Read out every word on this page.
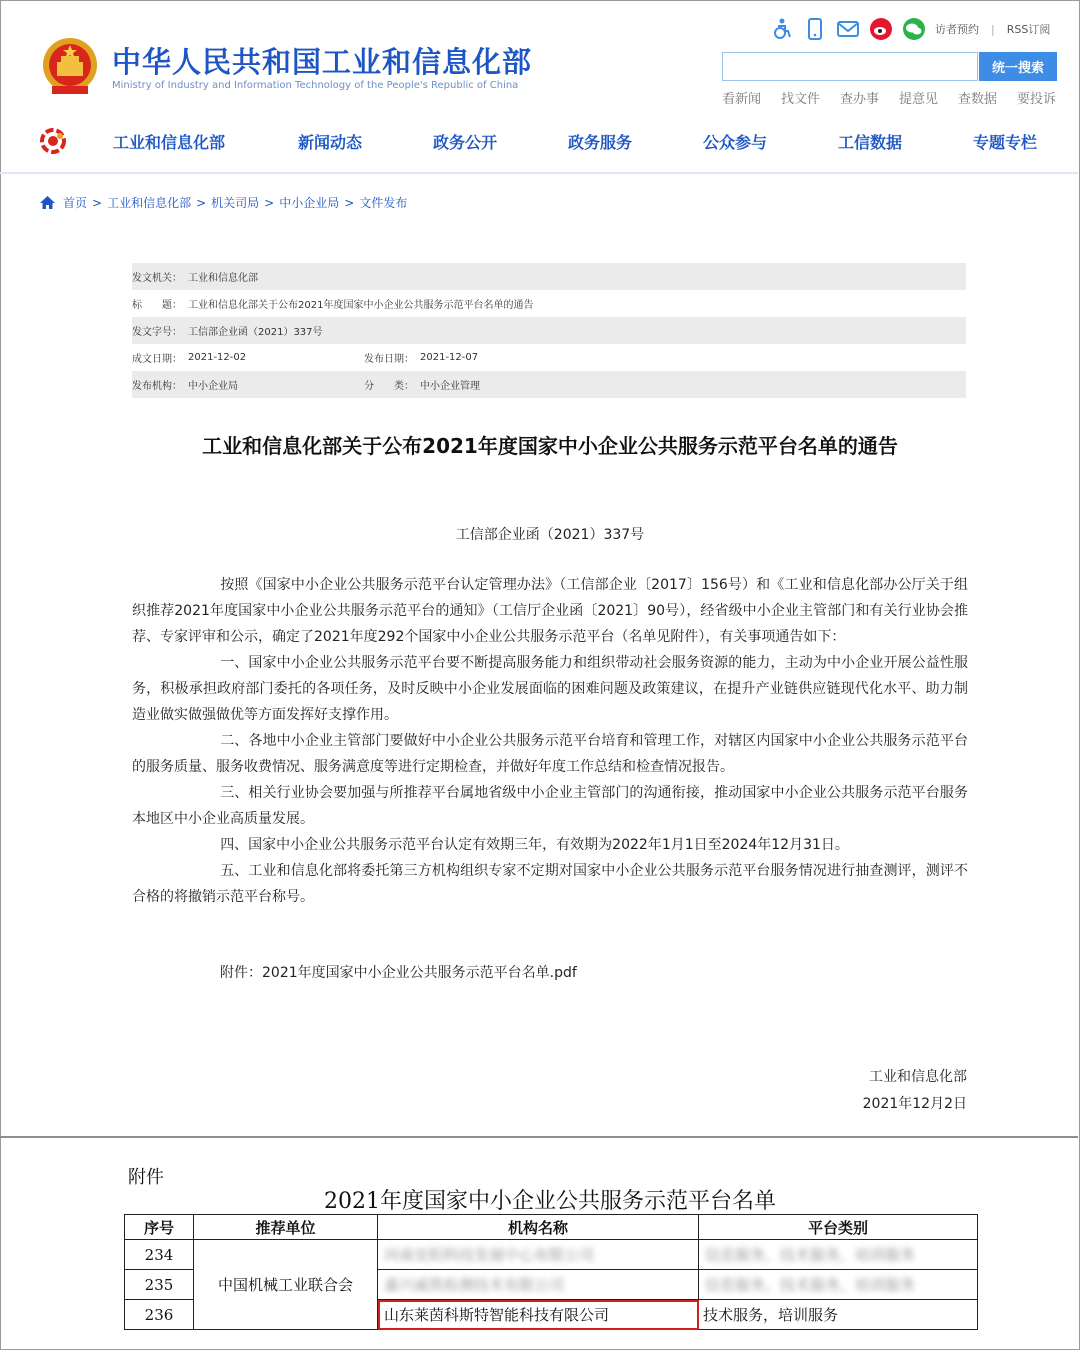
中华人民共和国工业和信息化部
Ministry of Industry and Information Technology of the People's Republic of China
访者预约 | RSS订阅
统一搜索
看新闻	找文件	查办事	提意见	查数据	要投诉
工业和信息化部	新闻动态	政务公开	政务服务	公众参与	工信数据	专题专栏
首页 > 工业和信息化部 > 机关司局 > 中小企业局 > 文件发布
发文机关： 工业和信息化部
标　　题： 工业和信息化部关于公布2021年度国家中小企业公共服务示范平台名单的通告
发文字号： 工信部企业函（2021）337号
成文日期： 2021-12-02	发布日期： 2021-12-07
发布机构： 中小企业局	分　　类： 中小企业管理
工业和信息化部关于公布2021年度国家中小企业公共服务示范平台名单的通告
工信部企业函（2021）337号

按照《国家中小企业公共服务示范平台认定管理办法》（工信部企业〔2017〕156号）和《工业和信息化部办公厅关于组织推荐2021年度国家中小企业公共服务示范平台的通知》（工信厅企业函〔2021〕90号），经省级中小企业主管部门和有关行业协会推荐、专家评审和公示，确定了2021年度292个国家中小企业公共服务示范平台（名单见附件），有关事项通告如下：

一、国家中小企业公共服务示范平台要不断提高服务能力和组织带动社会服务资源的能力，主动为中小企业开展公益性服务，积极承担政府部门委托的各项任务，及时反映中小企业发展面临的困难问题及政策建议，在提升产业链供应链现代化水平、助力制造业做实做强做优等方面发挥好支撑作用。

二、各地中小企业主管部门要做好中小企业公共服务示范平台培育和管理工作，对辖区内国家中小企业公共服务示范平台的服务质量、服务收费情况、服务满意度等进行定期检查，并做好年度工作总结和检查情况报告。

三、相关行业协会要加强与所推荐平台属地省级中小企业主管部门的沟通衔接，推动国家中小企业公共服务示范平台服务本地区中小企业高质量发展。

四、国家中小企业公共服务示范平台认定有效期三年，有效期为2022年1月1日至2024年12月31日。

五、工业和信息化部将委托第三方机构组织专家不定期对国家中小企业公共服务示范平台服务情况进行抽查测评，测评不合格的将撤销示范平台称号。

附件：2021年度国家中小企业公共服务示范平台名单.pdf
工业和信息化部
2021年12月2日
附件
2021年度国家中小企业公共服务示范平台名单
序号	推荐单位	机构名称	平台类别
234	中国机械工业联合会	河南安阳科技发展中心有限公司	信息服务，技术服务，培训服务
235		嘉兴威凯检测技术有限公司	信息服务，技术服务，培训服务
236		山东莱茵科斯特智能科技有限公司	技术服务，培训服务
